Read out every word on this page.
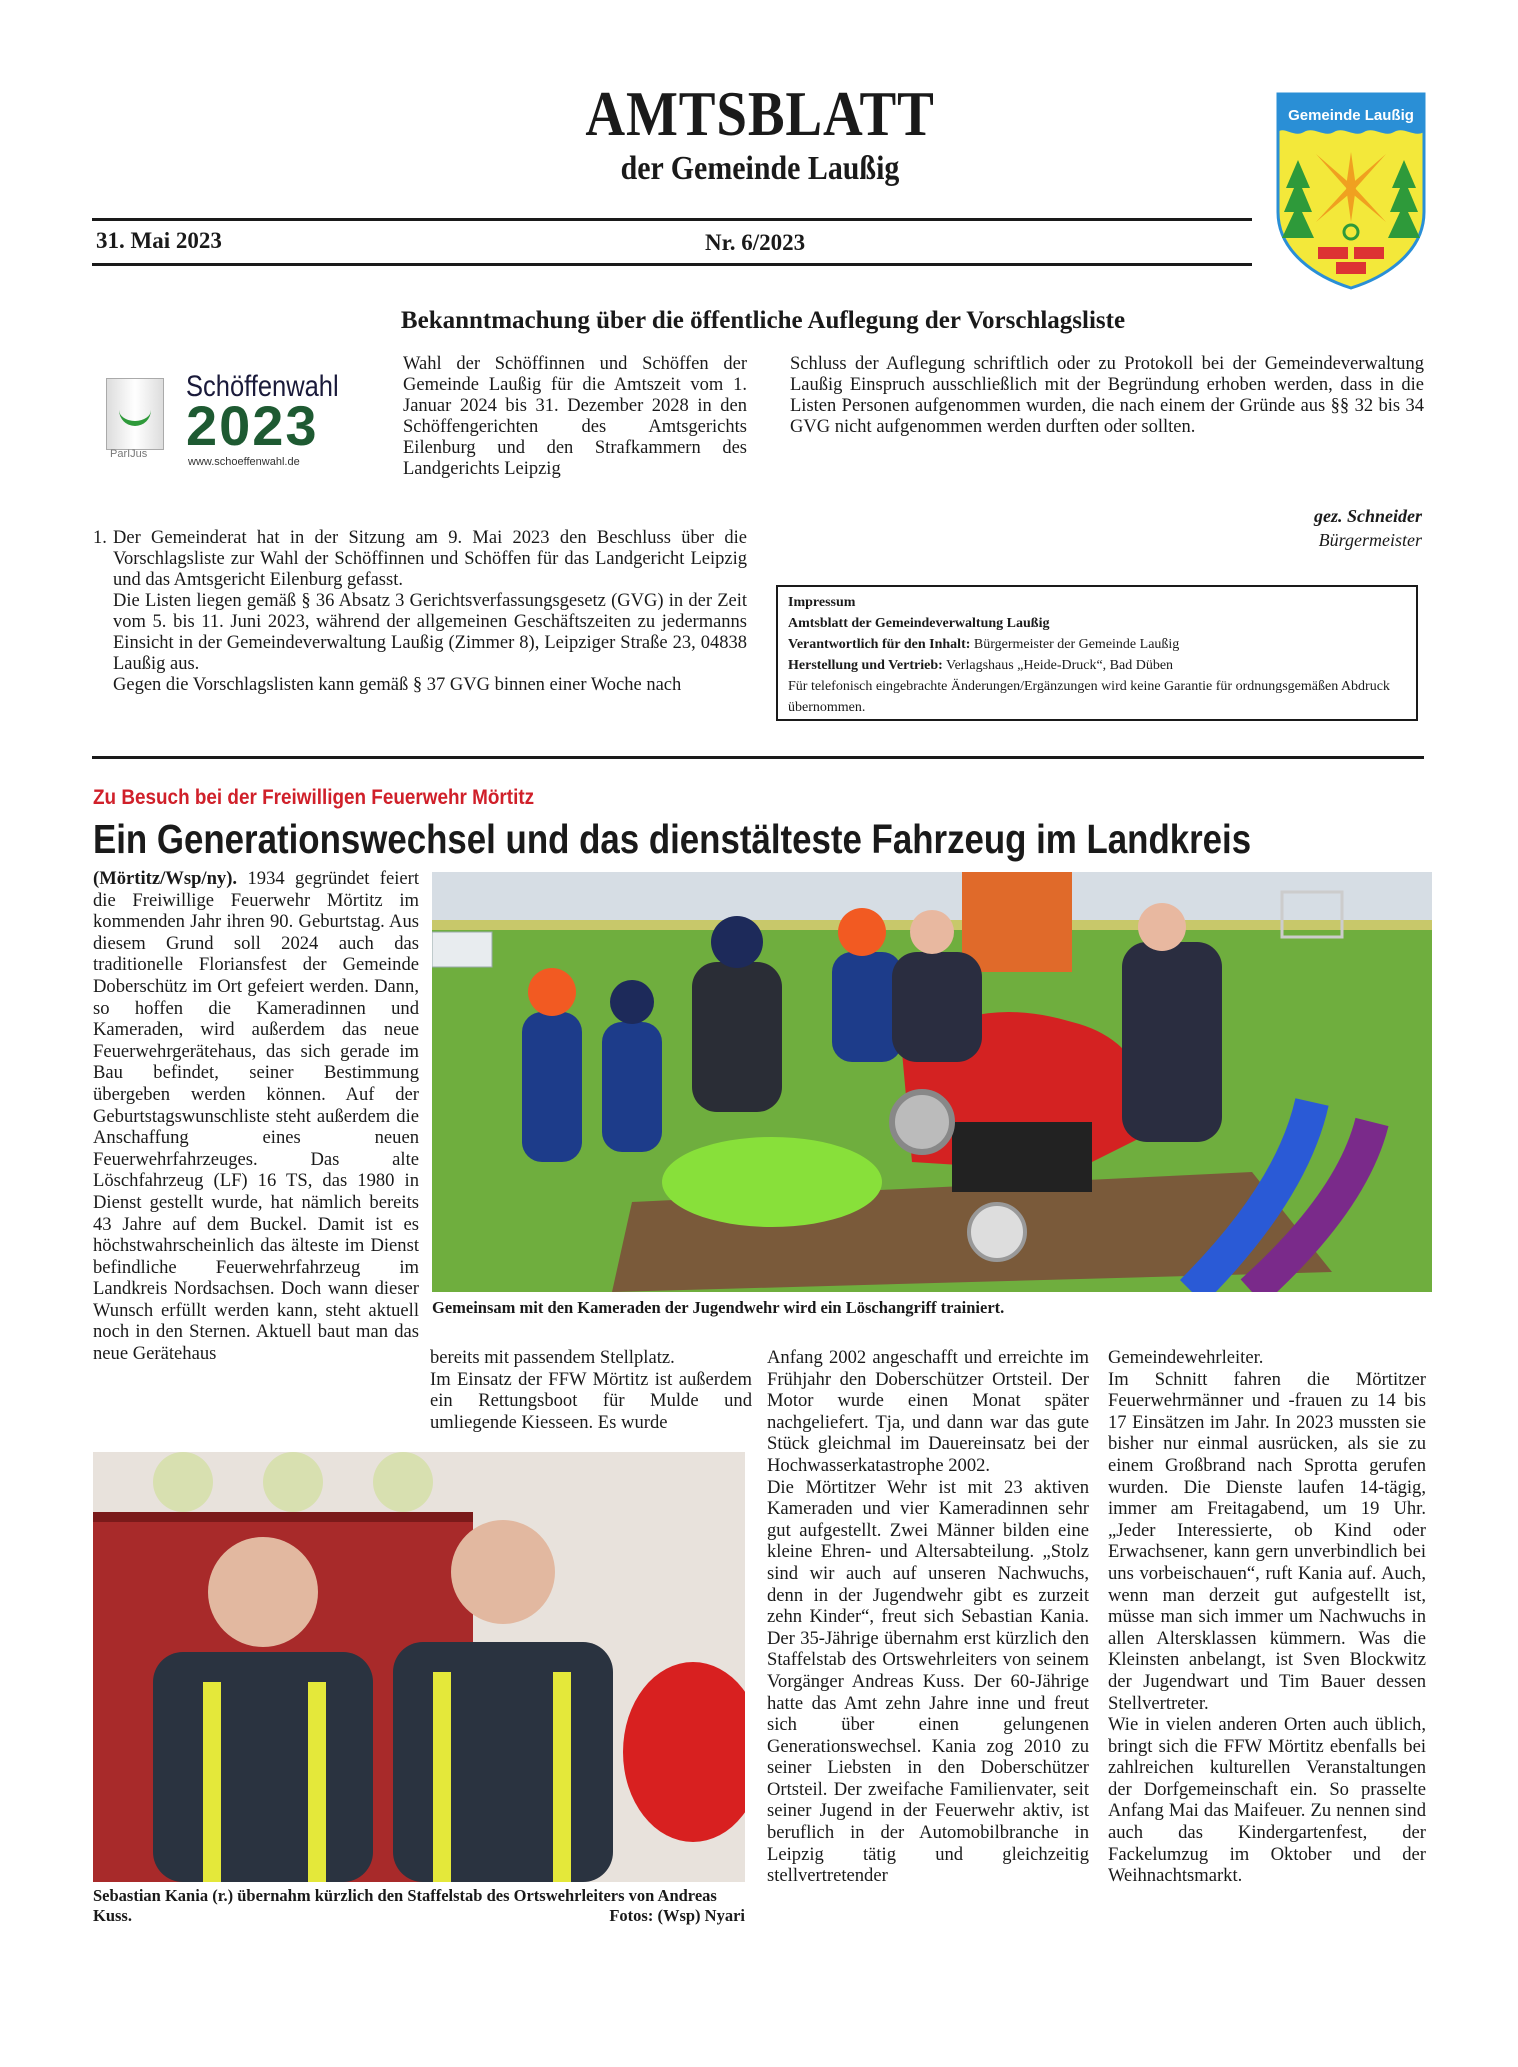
AMTSBLATT
der Gemeinde Laußig
31. Mai 2023	Nr. 6/2023
Gemeinde Laußig
Bekanntmachung über die öffentliche Auflegung der Vorschlagsliste
ParIJus
Schöffenwahl
2023
www.schoeffenwahl.de
Wahl der Schöffinnen und Schöffen der Gemeinde Laußig für die Amtszeit vom 1. Januar 2024 bis 31. Dezember 2028 in den Schöffengerichten des Amtsgerichts Eilenburg und den Strafkammern des Landgerichts Leipzig
1. Der Gemeinderat hat in der Sitzung am 9. Mai 2023 den Beschluss über die Vorschlagsliste zur Wahl der Schöffinnen und Schöffen für das Landgericht Leipzig und das Amtsgericht Eilenburg gefasst.
Die Listen liegen gemäß § 36 Absatz 3 Gerichtsverfassungsgesetz (GVG) in der Zeit vom 5. bis 11. Juni 2023, während der allgemeinen Geschäftszeiten zu jedermanns Einsicht in der Gemeindeverwaltung Laußig (Zimmer 8), Leipziger Straße 23, 04838 Laußig aus.
Gegen die Vorschlagslisten kann gemäß § 37 GVG binnen einer Woche nach
Schluss der Auflegung schriftlich oder zu Protokoll bei der Gemeindeverwaltung Laußig Einspruch ausschließlich mit der Begründung erhoben werden, dass in die Listen Personen aufgenommen wurden, die nach einem der Gründe aus §§ 32 bis 34 GVG nicht aufgenommen werden durften oder sollten.
gez. Schneider
Bürgermeister
Impressum
Amtsblatt der Gemeindeverwaltung Laußig
Verantwortlich für den Inhalt: Bürgermeister der Gemeinde Laußig
Herstellung und Vertrieb: Verlagshaus „Heide-Druck“, Bad Düben
Für telefonisch eingebrachte Änderungen/Ergänzungen wird keine Garantie für ordnungsgemäßen Abdruck übernommen.
Zu Besuch bei der Freiwilligen Feuerwehr Mörtitz
Ein Generationswechsel und das dienstälteste Fahrzeug im Landkreis
(Mörtitz/Wsp/ny). 1934 gegründet feiert die Freiwillige Feuerwehr Mörtitz im kommenden Jahr ihren 90. Geburtstag. Aus diesem Grund soll 2024 auch das traditionelle Floriansfest der Gemeinde Doberschütz im Ort gefeiert werden. Dann, so hoffen die Kameradinnen und Kameraden, wird außerdem das neue Feuerwehrgerätehaus, das sich gerade im Bau befindet, seiner Bestimmung übergeben werden können. Auf der Geburtstagswunschliste steht außerdem die Anschaffung eines neuen Feuerwehrfahrzeuges. Das alte Löschfahrzeug (LF) 16 TS, das 1980 in Dienst gestellt wurde, hat nämlich bereits 43 Jahre auf dem Buckel. Damit ist es höchstwahrscheinlich das älteste im Dienst befindliche Feuerwehrfahrzeug im Landkreis Nordsachsen. Doch wann dieser Wunsch erfüllt werden kann, steht aktuell noch in den Sternen. Aktuell baut man das neue Gerätehaus
Gemeinsam mit den Kameraden der Jugendwehr wird ein Löschangriff trainiert.
bereits mit passendem Stellplatz.
Im Einsatz der FFW Mörtitz ist außerdem ein Rettungsboot für Mulde und umliegende Kiesseen. Es wurde
Sebastian Kania (r.) übernahm kürzlich den Staffelstab des Ortswehrleiters von Andreas Kuss.	Fotos: (Wsp) Nyari
Anfang 2002 angeschafft und erreichte im Frühjahr den Doberschützer Ortsteil. Der Motor wurde einen Monat später nachgeliefert. Tja, und dann war das gute Stück gleichmal im Dauereinsatz bei der Hochwasserkatastrophe 2002.
Die Mörtitzer Wehr ist mit 23 aktiven Kameraden und vier Kameradinnen sehr gut aufgestellt. Zwei Männer bilden eine kleine Ehren- und Altersabteilung. „Stolz sind wir auch auf unseren Nachwuchs, denn in der Jugendwehr gibt es zurzeit zehn Kinder“, freut sich Sebastian Kania. Der 35-Jährige übernahm erst kürzlich den Staffelstab des Ortswehrleiters von seinem Vorgänger Andreas Kuss. Der 60-Jährige hatte das Amt zehn Jahre inne und freut sich über einen gelungenen Generationswechsel. Kania zog 2010 zu seiner Liebsten in den Doberschützer Ortsteil. Der zweifache Familienvater, seit seiner Jugend in der Feuerwehr aktiv, ist beruflich in der Automobilbranche in Leipzig tätig und gleichzeitig stellvertretender
Gemeindewehrleiter.
Im Schnitt fahren die Mörtitzer Feuerwehrmänner und -frauen zu 14 bis 17 Einsätzen im Jahr. In 2023 mussten sie bisher nur einmal ausrücken, als sie zu einem Großbrand nach Sprotta gerufen wurden. Die Dienste laufen 14-tägig, immer am Freitagabend, um 19 Uhr. „Jeder Interessierte, ob Kind oder Erwachsener, kann gern unverbindlich bei uns vorbeischauen“, ruft Kania auf. Auch, wenn man derzeit gut aufgestellt ist, müsse man sich immer um Nachwuchs in allen Altersklassen kümmern. Was die Kleinsten anbelangt, ist Sven Blockwitz der Jugendwart und Tim Bauer dessen Stellvertreter.
Wie in vielen anderen Orten auch üblich, bringt sich die FFW Mörtitz ebenfalls bei zahlreichen kulturellen Veranstaltungen der Dorfgemeinschaft ein. So prasselte Anfang Mai das Maifeuer. Zu nennen sind auch das Kindergartenfest, der Fackelumzug im Oktober und der Weihnachtsmarkt.
